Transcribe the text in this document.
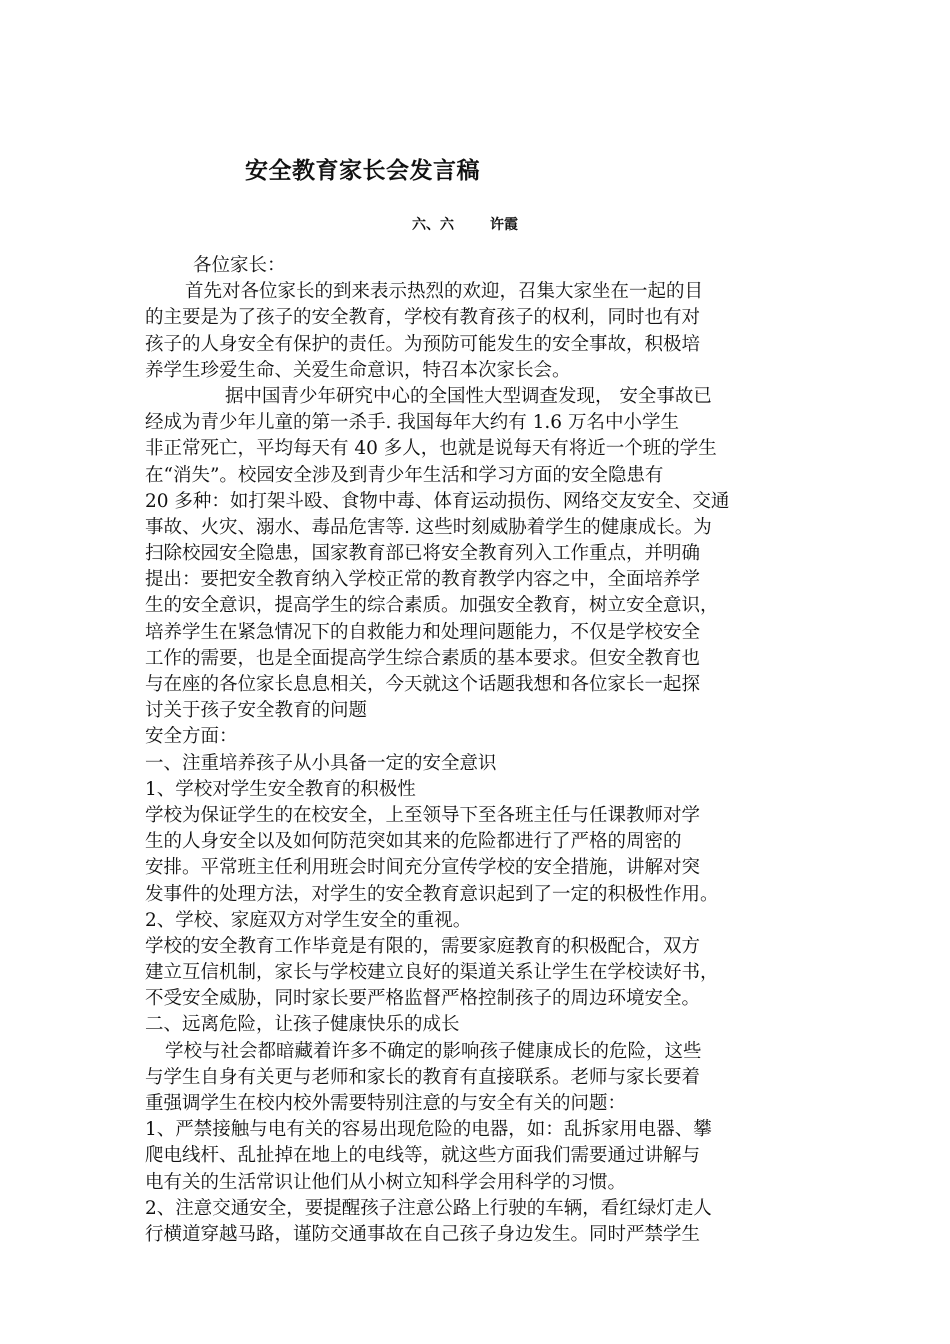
安全教育家长会发言稿
六、六	许霞
各位家长：
首先对各位家长的到来表示热烈的欢迎，召集大家坐在一起的目
的主要是为了孩子的安全教育，学校有教育孩子的权利，同时也有对
孩子的人身安全有保护的责任。为预防可能发生的安全事故，积极培
养学生珍爱生命、关爱生命意识，特召本次家长会。
据中国青少年研究中心的全国性大型调查发现， 安全事故已
经成为青少年儿童的第一杀手. 我国每年大约有 1.6 万名中小学生
非正常死亡，平均每天有 40 多人，也就是说每天有将近一个班的学生
在“消失”。校园安全涉及到青少年生活和学习方面的安全隐患有
20 多种：如打架斗殴、食物中毒、体育运动损伤、网络交友安全、交通
事故、火灾、溺水、毒品危害等. 这些时刻威胁着学生的健康成长。为
扫除校园安全隐患，国家教育部已将安全教育列入工作重点，并明确
提出：要把安全教育纳入学校正常的教育教学内容之中，全面培养学
生的安全意识，提高学生的综合素质。加强安全教育，树立安全意识，
培养学生在紧急情况下的自救能力和处理问题能力，不仅是学校安全
工作的需要，也是全面提高学生综合素质的基本要求。但安全教育也
与在座的各位家长息息相关，今天就这个话题我想和各位家长一起探
讨关于孩子安全教育的问题
安全方面：
一、注重培养孩子从小具备一定的安全意识
1、学校对学生安全教育的积极性
学校为保证学生的在校安全，上至领导下至各班主任与任课教师对学
生的人身安全以及如何防范突如其来的危险都进行了严格的周密的
安排。平常班主任利用班会时间充分宣传学校的安全措施，讲解对突
发事件的处理方法，对学生的安全教育意识起到了一定的积极性作用。
2、学校、家庭双方对学生安全的重视。
学校的安全教育工作毕竟是有限的，需要家庭教育的积极配合，双方
建立互信机制，家长与学校建立良好的渠道关系让学生在学校读好书，
不受安全威胁，同时家长要严格监督严格控制孩子的周边环境安全。
二、远离危险，让孩子健康快乐的成长
学校与社会都暗藏着许多不确定的影响孩子健康成长的危险，这些
与学生自身有关更与老师和家长的教育有直接联系。老师与家长要着
重强调学生在校内校外需要特别注意的与安全有关的问题：
1、严禁接触与电有关的容易出现危险的电器，如：乱拆家用电器、攀
爬电线杆、乱扯掉在地上的电线等，就这些方面我们需要通过讲解与
电有关的生活常识让他们从小树立知科学会用科学的习惯。
2、注意交通安全，要提醒孩子注意公路上行驶的车辆，看红绿灯走人
行横道穿越马路，谨防交通事故在自己孩子身边发生。同时严禁学生
